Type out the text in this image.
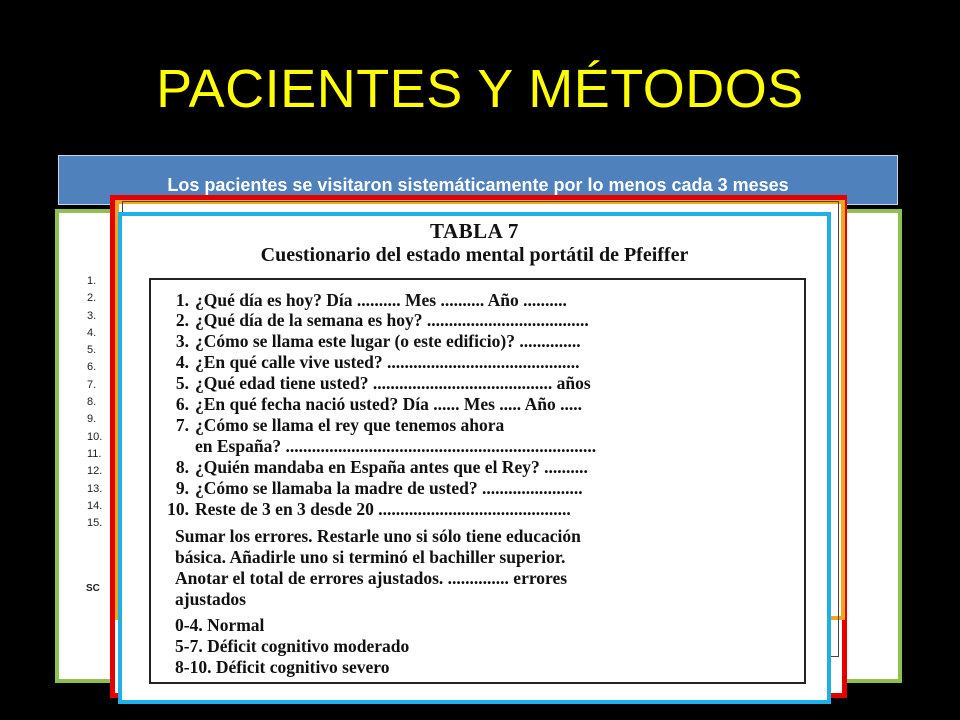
PACIENTES Y MÉTODOS
Los pacientes se visitaron sistemáticamente por lo menos cada 3 meses
1.
2.
3.
4.
5.
6.
7.
8.
9.
10.
11.
12.
13.
14.
15.
SC
TABLA 7
Cuestionario del estado mental portátil de Pfeiffer
1. ¿Qué día es hoy? Día .......... Mes .......... Año ..........
2. ¿Qué día de la semana es hoy? .....................................
3. ¿Cómo se llama este lugar (o este edificio)? ..............
4. ¿En qué calle vive usted? ............................................
5. ¿Qué edad tiene usted? ......................................... años
6. ¿En qué fecha nació usted? Día ...... Mes ..... Año .....
7. ¿Cómo se llama el rey que tenemos ahora
en España? .......................................................................
8. ¿Quién mandaba en España antes que el Rey? ..........
9. ¿Cómo se llamaba la madre de usted? .......................
10. Reste de 3 en 3 desde 20 ............................................
Sumar los errores. Restarle uno si sólo tiene educación
básica. Añadirle uno si terminó el bachiller superior.
Anotar el total de errores ajustados. .............. errores
ajustados
0-4. Normal
5-7. Déficit cognitivo moderado
8-10. Déficit cognitivo severo
